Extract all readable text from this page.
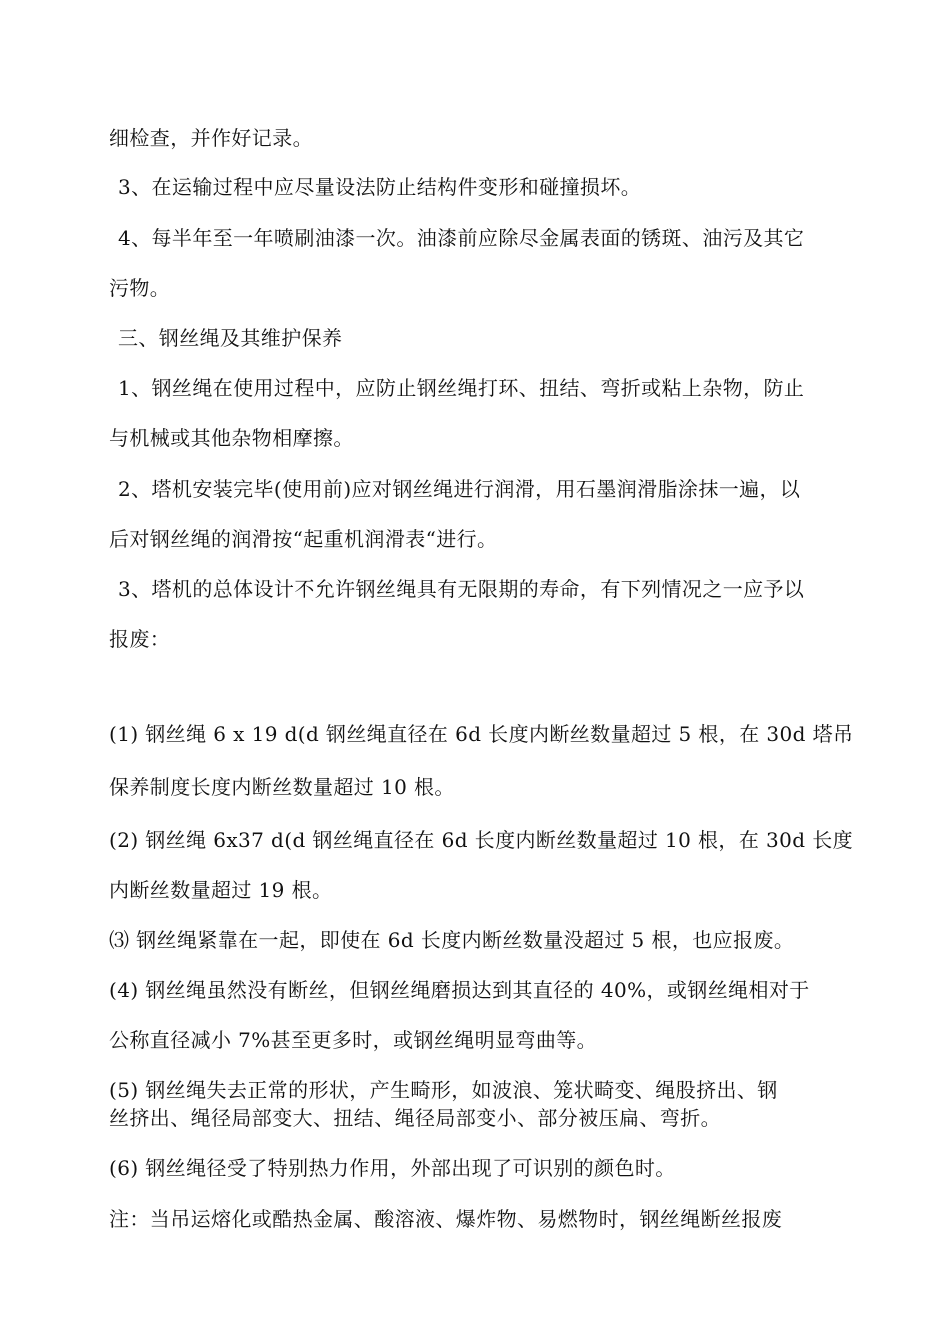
细检查，并作好记录。
3、在运输过程中应尽量设法防止结构件变形和碰撞损坏。
4、每半年至一年喷刷油漆一次。油漆前应除尽金属表面的锈斑、油污及其它
污物。
三、钢丝绳及其维护保养
1、钢丝绳在使用过程中，应防止钢丝绳打环、扭结、弯折或粘上杂物，防止
与机械或其他杂物相摩擦。
2、塔机安装完毕(使用前)应对钢丝绳进行润滑，用石墨润滑脂涂抹一遍，以
后对钢丝绳的润滑按“起重机润滑表“进行。
3、塔机的总体设计不允许钢丝绳具有无限期的寿命，有下列情况之一应予以
报废：
(1) 钢丝绳 6 x 19 d(d 钢丝绳直径在 6d 长度内断丝数量超过 5 根，在 30d 塔吊
保养制度长度内断丝数量超过 10 根。
(2) 钢丝绳 6x37 d(d 钢丝绳直径在 6d 长度内断丝数量超过 10 根，在 30d 长度
内断丝数量超过 19 根。
⑶ 钢丝绳紧靠在一起，即使在 6d 长度内断丝数量没超过 5 根，也应报废。
(4) 钢丝绳虽然没有断丝，但钢丝绳磨损达到其直径的 40%，或钢丝绳相对于
公称直径减小 7%甚至更多时，或钢丝绳明显弯曲等。
(5) 钢丝绳失去正常的形状，产生畸形，如波浪、笼状畸变、绳股挤出、钢
丝挤出、绳径局部变大、扭结、绳径局部变小、部分被压扁、弯折。
(6) 钢丝绳径受了特别热力作用，外部出现了可识别的颜色时。
注：当吊运熔化或酷热金属、酸溶液、爆炸物、易燃物时，钢丝绳断丝报废
